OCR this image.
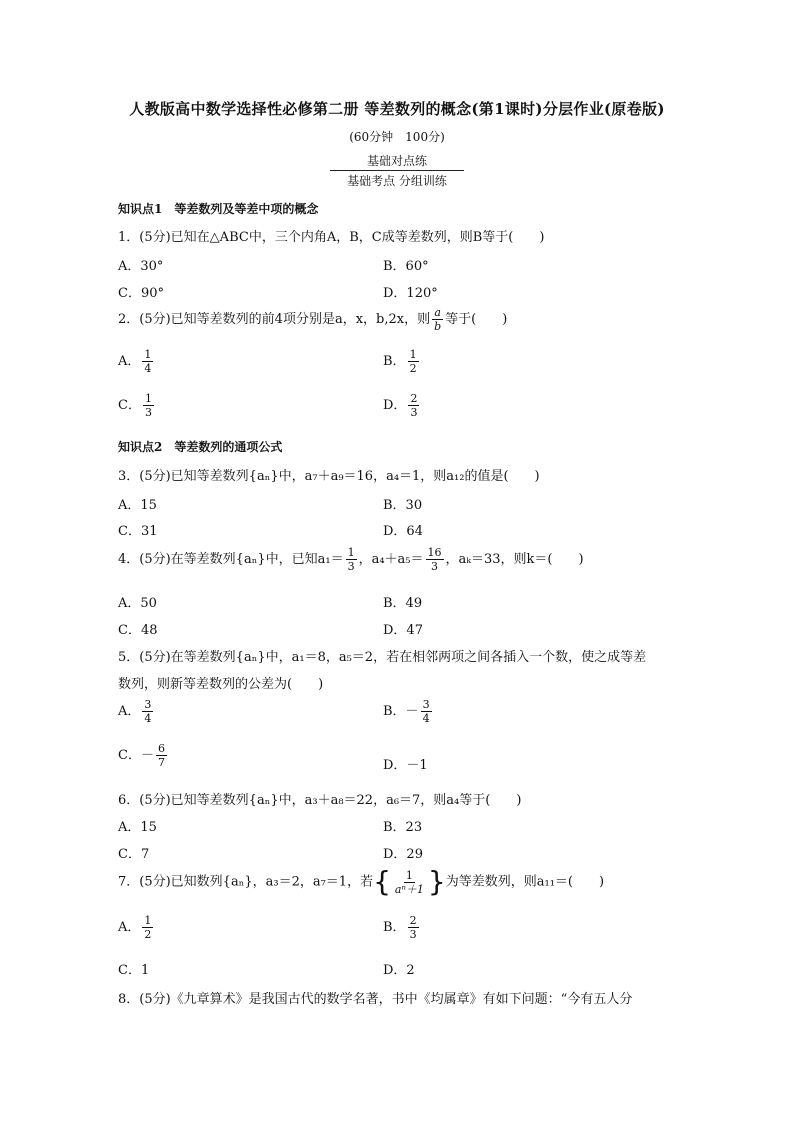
人教版高中数学选择性必修第二册 等差数列的概念(第1课时)分层作业(原卷版)
(60分钟　100分)
基础对点练
基础考点 分组训练
知识点1　等差数列及等差中项的概念
1．(5分)已知在△ABC中，三个内角A，B，C成等差数列，则B等于(　　)
A．30°	B．60°
C．90°	D．120°
2．(5分)已知等差数列的前4项分别是a，x，b,2x，则 $\frac{a}{b}$ 等于(　　)
A． $\frac{1}{4}$	B． $\frac{1}{2}$
C． $\frac{1}{3}$	D． $\frac{2}{3}$
知识点2　等差数列的通项公式
3．(5分)已知等差数列{aₙ}中，a₇＋a₉＝16，a₄＝1，则a₁₂的值是(　　)
A．15	B．30
C．31	D．64
4．(5分)在等差数列{aₙ}中，已知$a_1= \frac{1}{3}$ ，$a_4+a_5= \frac{16}{3}$ ，aₖ＝33，则k＝(　　)
A．50	B．49
C．48	D．47
5．(5分)在等差数列{aₙ}中，a₁＝8，a₅＝2，若在相邻两项之间各插入一个数，使之成等差
数列，则新等差数列的公差为(　　)
A． $\frac{3}{4}$	B．－ $\frac{3}{4}$
C．－ $\frac{6}{7}$	D．－1
6．(5分)已知等差数列{aₙ}中，a₃＋a₈＝22，a₆＝7，则a₄等于(　　)
A．15	B．23
C．7	D．29
7．(5分)已知数列{aₙ}，a₃＝2，a₇＝1，若 { $\frac{1}{\text{aⁿ＋1}}$ } 为等差数列，则a₁₁＝(　　)
A． $\frac{1}{2}$	B． $\frac{2}{3}$
C．1	D．2
8．(5分)《九章算术》是我国古代的数学名著，书中《均属章》有如下问题：“今有五人分
